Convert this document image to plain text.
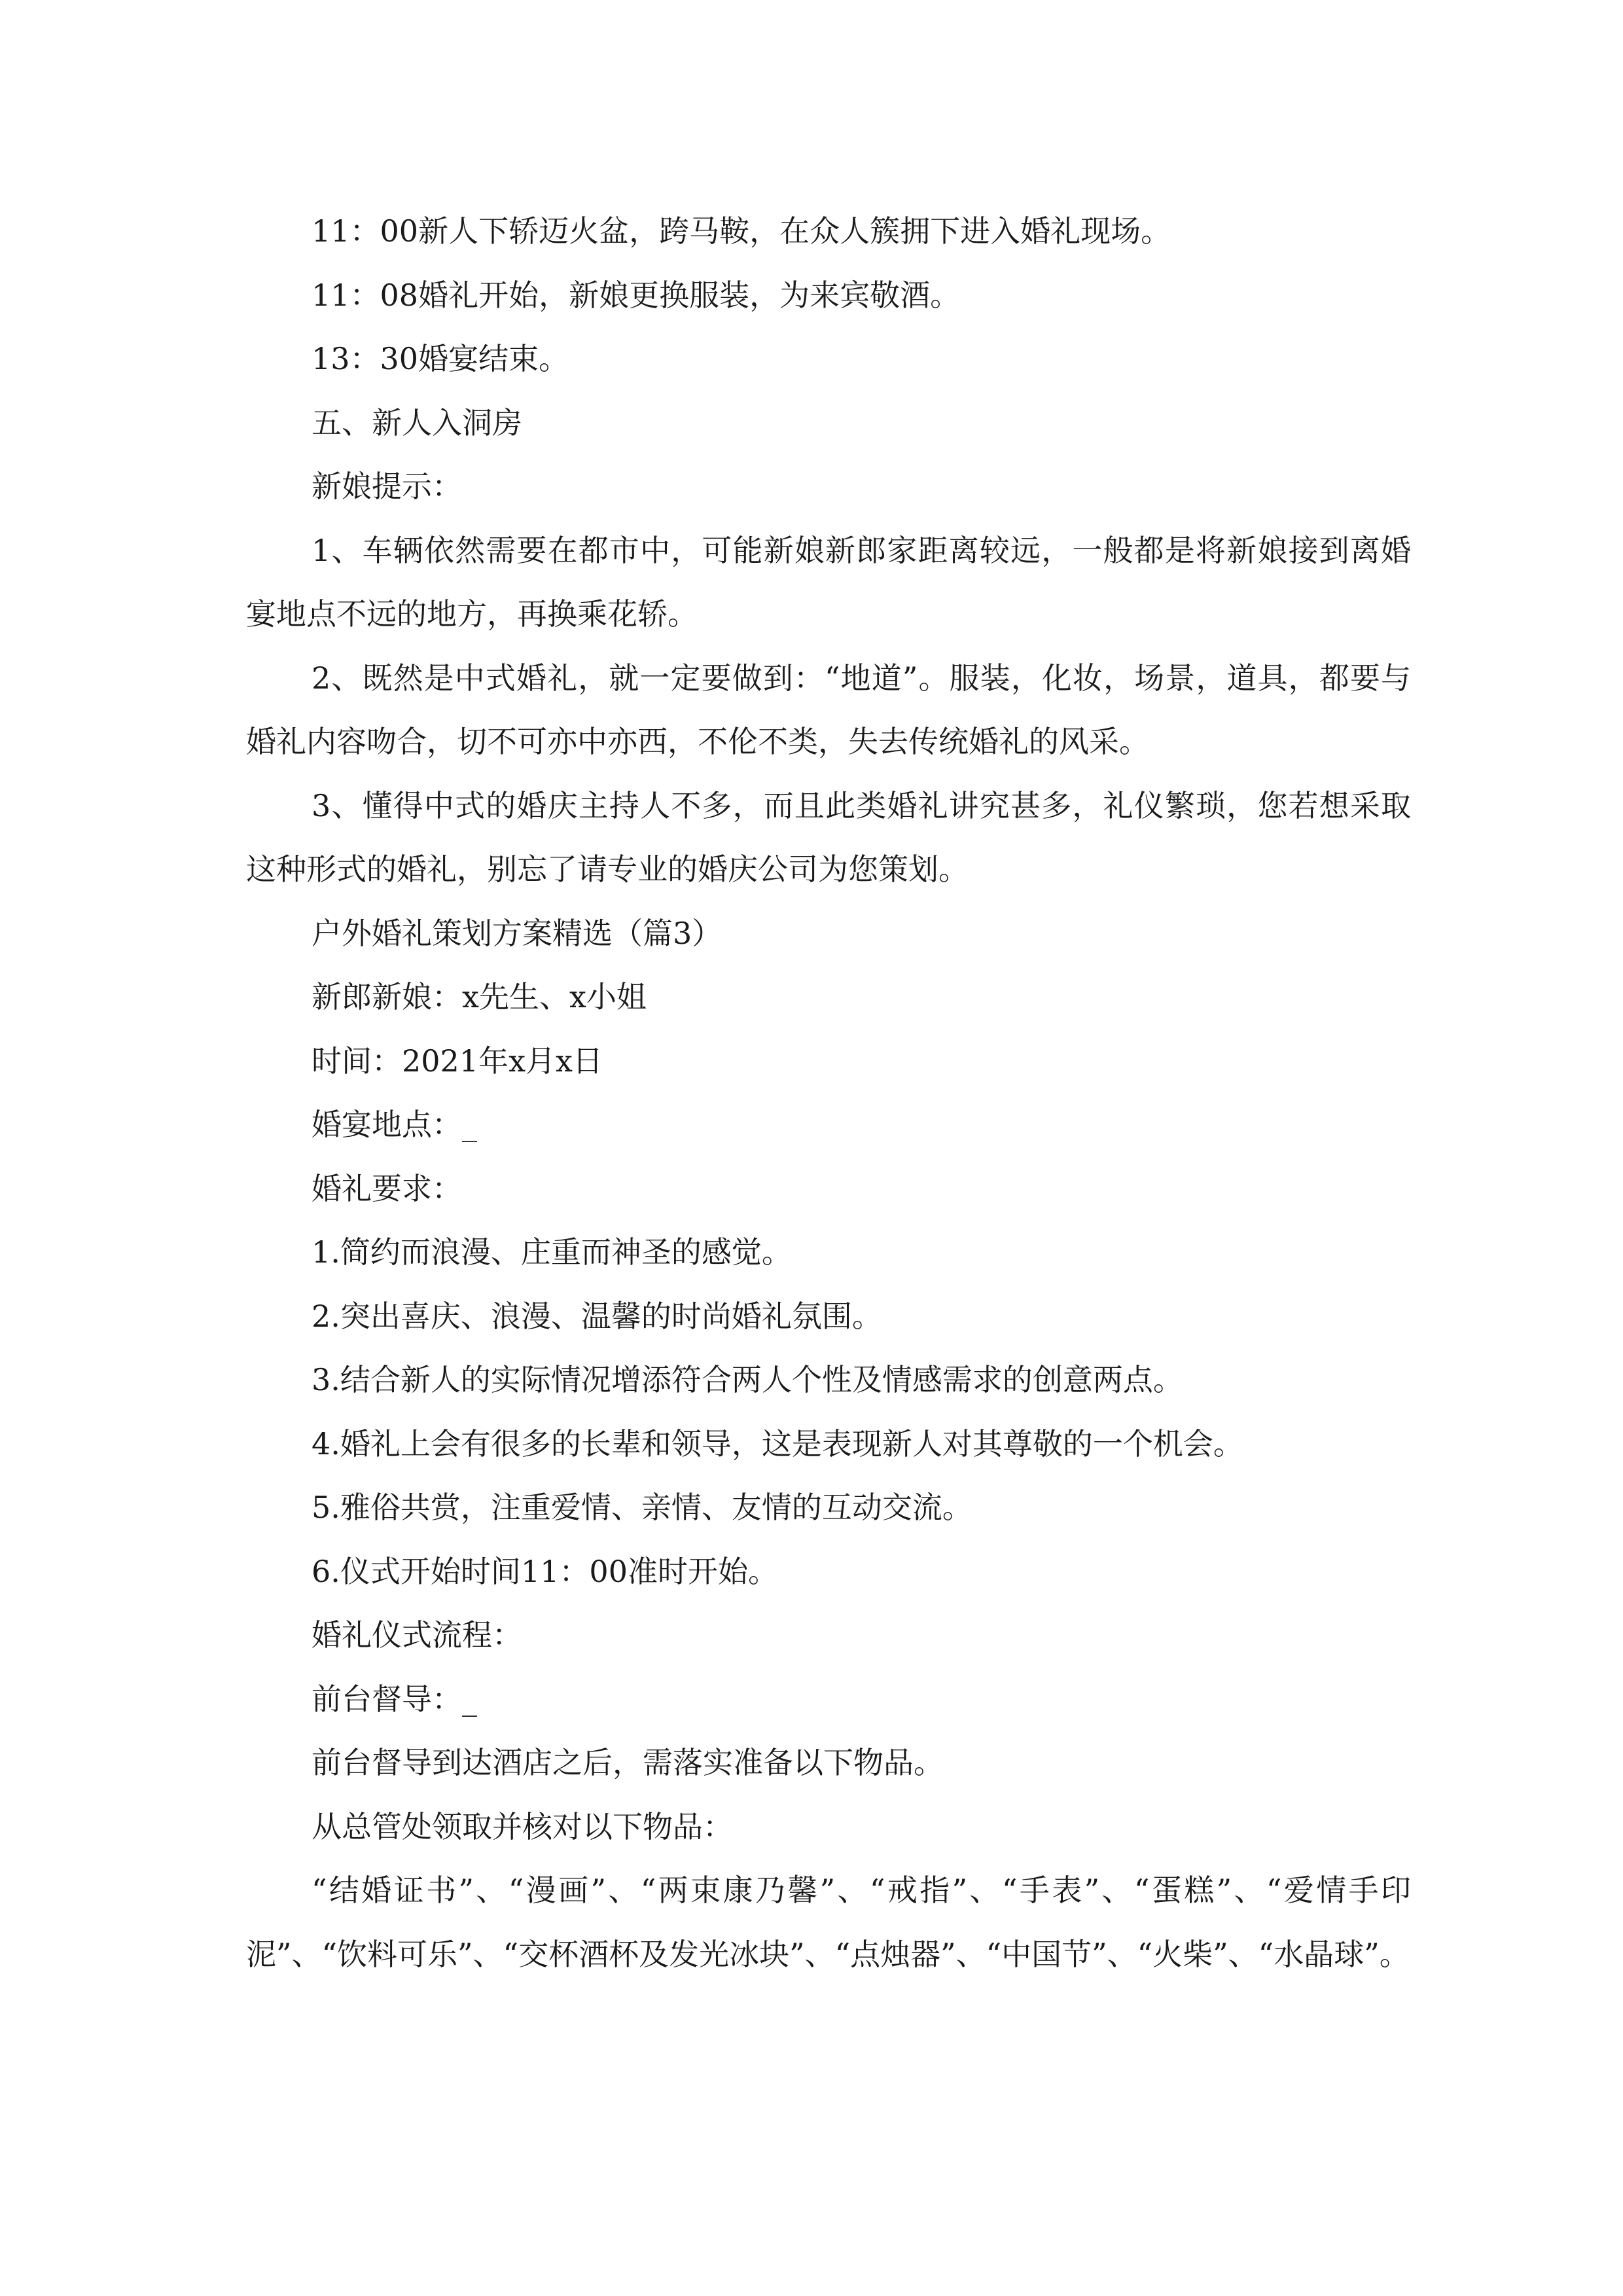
11：00新人下轿迈火盆，跨马鞍，在众人簇拥下进入婚礼现场。

11：08婚礼开始，新娘更换服装，为来宾敬酒。

13：30婚宴结束。

五、新人入洞房

新娘提示：

1、车辆依然需要在都市中，可能新娘新郎家距离较远，一般都是将新娘接到离婚宴地点不远的地方，再换乘花轿。

2、既然是中式婚礼，就一定要做到：“地道”。服装，化妆，场景，道具，都要与婚礼内容吻合，切不可亦中亦西，不伦不类，失去传统婚礼的风采。

3、懂得中式的婚庆主持人不多，而且此类婚礼讲究甚多，礼仪繁琐，您若想采取这种形式的婚礼，别忘了请专业的婚庆公司为您策划。

户外婚礼策划方案精选（篇3）

新郎新娘：x先生、x小姐

时间：2021年x月x日

婚宴地点：_

婚礼要求：

1.简约而浪漫、庄重而神圣的感觉。

2.突出喜庆、浪漫、温馨的时尚婚礼氛围。

3.结合新人的实际情况增添符合两人个性及情感需求的创意两点。

4.婚礼上会有很多的长辈和领导，这是表现新人对其尊敬的一个机会。

5.雅俗共赏，注重爱情、亲情、友情的互动交流。

6.仪式开始时间11：00准时开始。

婚礼仪式流程：

前台督导：_

前台督导到达酒店之后，需落实准备以下物品。

从总管处领取并核对以下物品：

“结婚证书”、“漫画”、“两束康乃馨”、“戒指”、“手表”、“蛋糕”、“爱情手印泥”、“饮料可乐”、“交杯酒杯及发光冰块”、“点烛器”、“中国节”、“火柴”、“水晶球”。
